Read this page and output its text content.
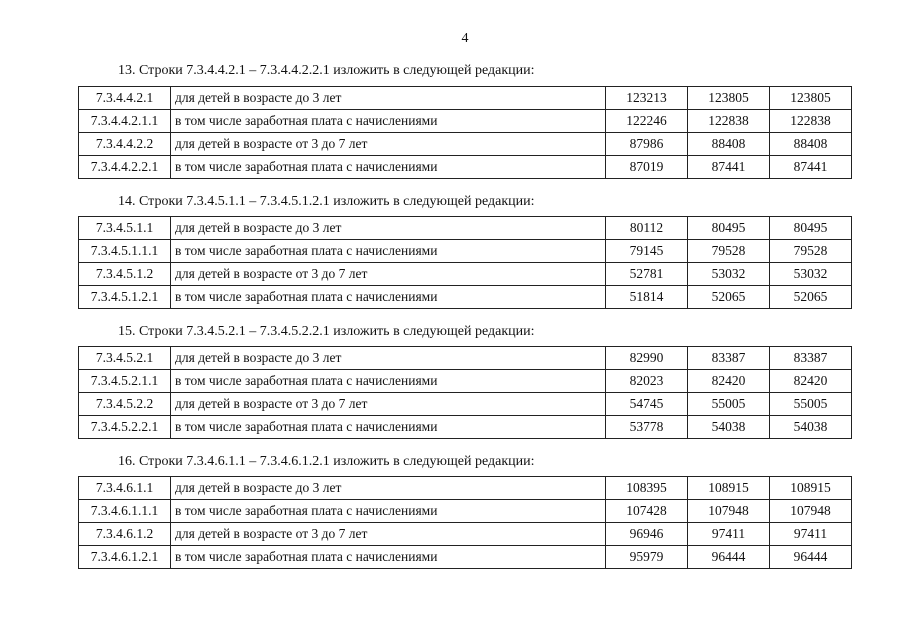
4
13. Строки 7.3.4.4.2.1 – 7.3.4.4.2.2.1 изложить в следующей редакции:
7.3.4.4.2.1	для детей в возрасте до 3 лет	123213	123805	123805
7.3.4.4.2.1.1	в том числе заработная плата с начислениями	122246	122838	122838
7.3.4.4.2.2	для детей в возрасте от 3 до 7 лет	87986	88408	88408
7.3.4.4.2.2.1	в том числе заработная плата с начислениями	87019	87441	87441
14. Строки 7.3.4.5.1.1 – 7.3.4.5.1.2.1 изложить в следующей редакции:
7.3.4.5.1.1	для детей в возрасте до 3 лет	80112	80495	80495
7.3.4.5.1.1.1	в том числе заработная плата с начислениями	79145	79528	79528
7.3.4.5.1.2	для детей в возрасте от 3 до 7 лет	52781	53032	53032
7.3.4.5.1.2.1	в том числе заработная плата с начислениями	51814	52065	52065
15. Строки 7.3.4.5.2.1 – 7.3.4.5.2.2.1 изложить в следующей редакции:
7.3.4.5.2.1	для детей в возрасте до 3 лет	82990	83387	83387
7.3.4.5.2.1.1	в том числе заработная плата с начислениями	82023	82420	82420
7.3.4.5.2.2	для детей в возрасте от 3 до 7 лет	54745	55005	55005
7.3.4.5.2.2.1	в том числе заработная плата с начислениями	53778	54038	54038
16. Строки 7.3.4.6.1.1 – 7.3.4.6.1.2.1 изложить в следующей редакции:
7.3.4.6.1.1	для детей в возрасте до 3 лет	108395	108915	108915
7.3.4.6.1.1.1	в том числе заработная плата с начислениями	107428	107948	107948
7.3.4.6.1.2	для детей в возрасте от 3 до 7 лет	96946	97411	97411
7.3.4.6.1.2.1	в том числе заработная плата с начислениями	95979	96444	96444
